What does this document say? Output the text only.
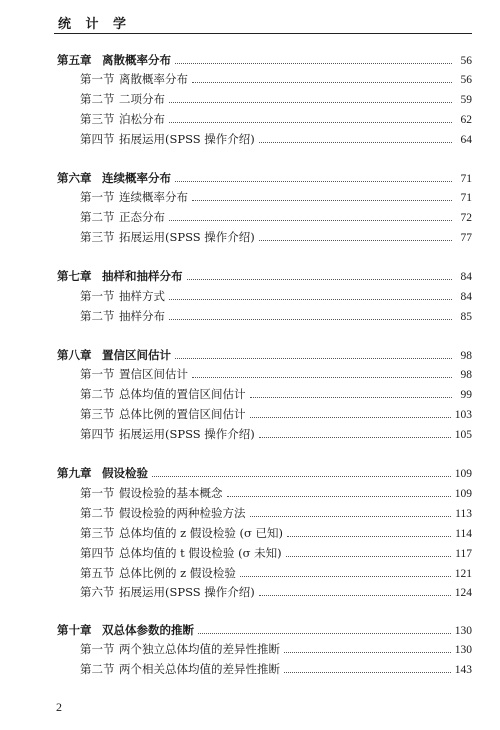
统 计 学
第五章 离散概率分布	56
第一节 离散概率分布	56
第二节 二项分布	59
第三节 泊松分布	62
第四节 拓展运用(SPSS 操作介绍)	64
第六章 连续概率分布	71
第一节 连续概率分布	71
第二节 正态分布	72
第三节 拓展运用(SPSS 操作介绍)	77
第七章 抽样和抽样分布	84
第一节 抽样方式	84
第二节 抽样分布	85
第八章 置信区间估计	98
第一节 置信区间估计	98
第二节 总体均值的置信区间估计	99
第三节 总体比例的置信区间估计	103
第四节 拓展运用(SPSS 操作介绍)	105
第九章 假设检验	109
第一节 假设检验的基本概念	109
第二节 假设检验的两种检验方法	113
第三节 总体均值的 z 假设检验 (σ 已知)	114
第四节 总体均值的 t 假设检验 (σ 未知)	117
第五节 总体比例的 z 假设检验	121
第六节 拓展运用(SPSS 操作介绍)	124
第十章 双总体参数的推断	130
第一节 两个独立总体均值的差异性推断	130
第二节 两个相关总体均值的差异性推断	143
2
